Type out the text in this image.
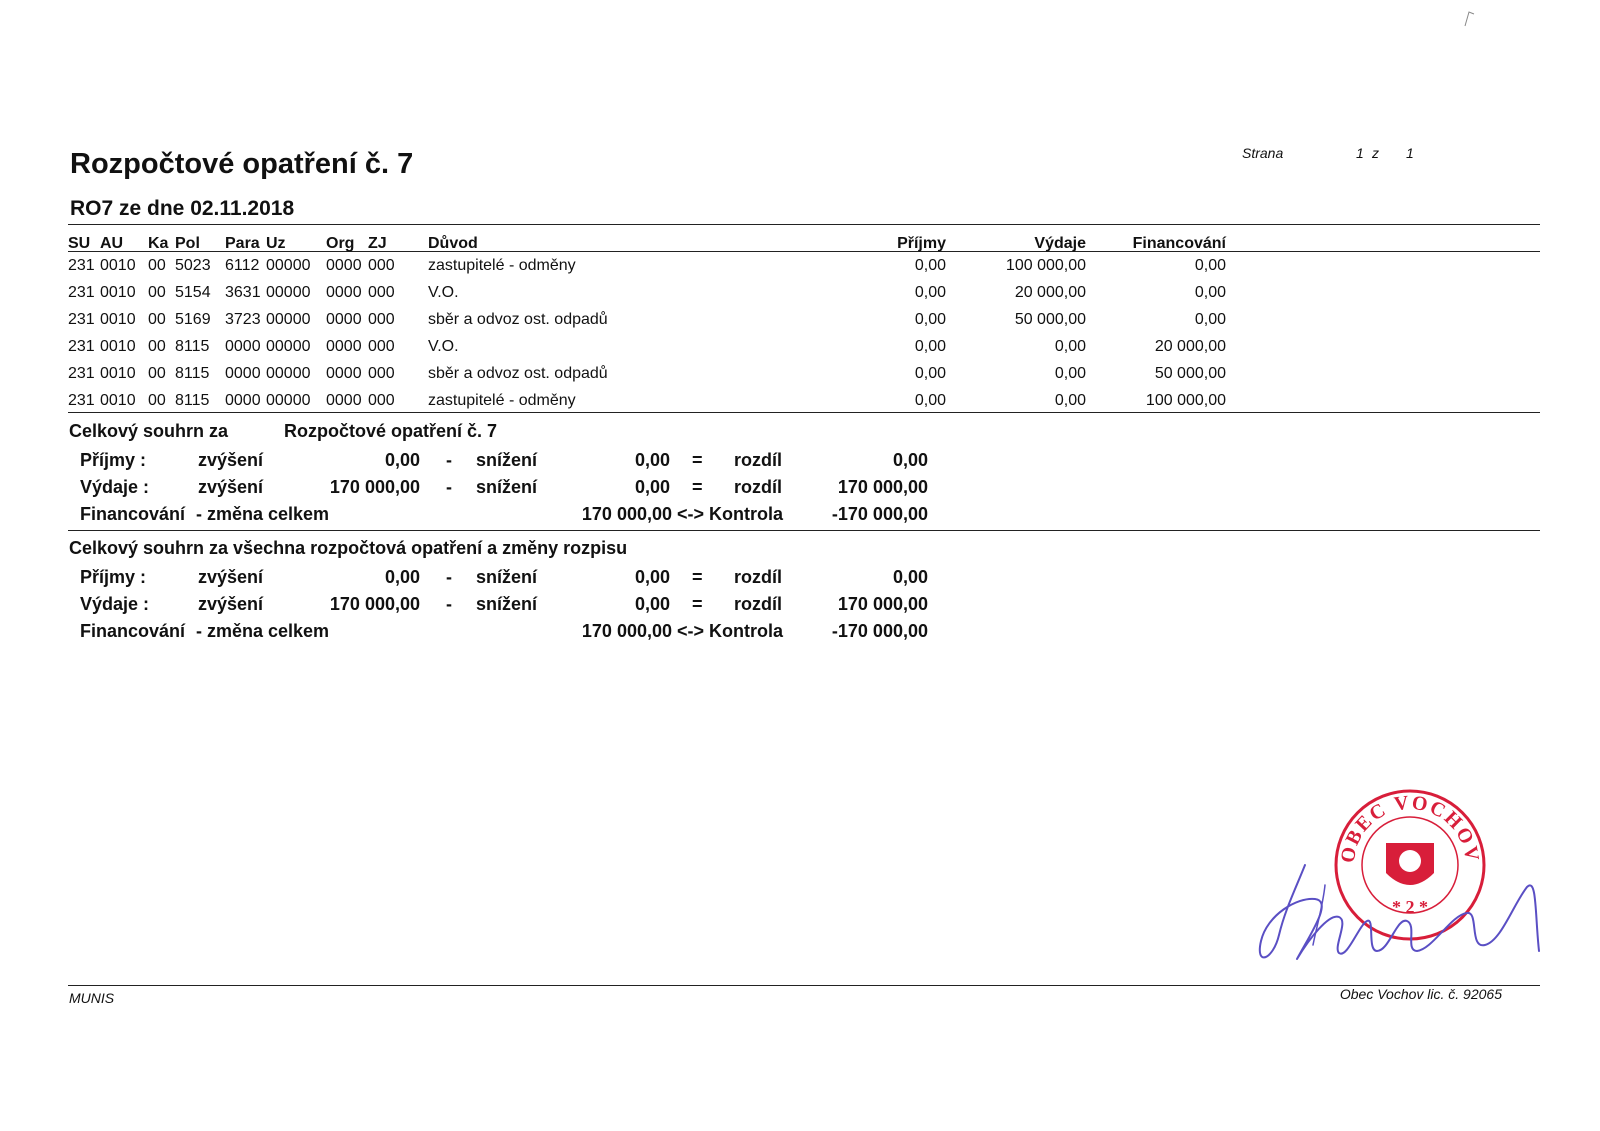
Rozpočtové opatření č. 7
RO7 ze dne 02.11.2018
Strana	1 z 1
SU AU Ka Pol Para Uz	Org ZJ	Důvod	Příjmy	Výdaje	Financování
231 0010 00 5023 6112 00000 0000 000 zastupitelé - odměny	0,00	100 000,00	0,00
231 0010 00 5154 3631 00000 0000 000 V.O.	0,00	20 000,00	0,00
231 0010 00 5169 3723 00000 0000 000 sběr a odvoz ost. odpadů	0,00	50 000,00	0,00
231 0010 00 8115 0000 00000 0000 000 V.O.	0,00	0,00	20 000,00
231 0010 00 8115 0000 00000 0000 000 sběr a odvoz ost. odpadů	0,00	0,00	50 000,00
231 0010 00 8115 0000 00000 0000 000 zastupitelé - odměny	0,00	0,00	100 000,00
Celkový souhrn za	Rozpočtové opatření č. 7
Příjmy :	zvýšení	0,00 - snížení	0,00 = rozdíl	0,00
Výdaje :	zvýšení	170 000,00 - snížení	0,00 = rozdíl	170 000,00
Financování - změna celkem	170 000,00 <-> Kontrola	-170 000,00
Celkový souhrn za všechna rozpočtová opatření a změny rozpisu
Příjmy :	zvýšení	0,00 - snížení	0,00 = rozdíl	0,00
Výdaje :	zvýšení	170 000,00 - snížení	0,00 = rozdíl	170 000,00
Financování - změna celkem	170 000,00 <-> Kontrola	-170 000,00
MUNIS	Obec Vochov lic. č. 92065
OBEC VOCHOV
* 2 *
